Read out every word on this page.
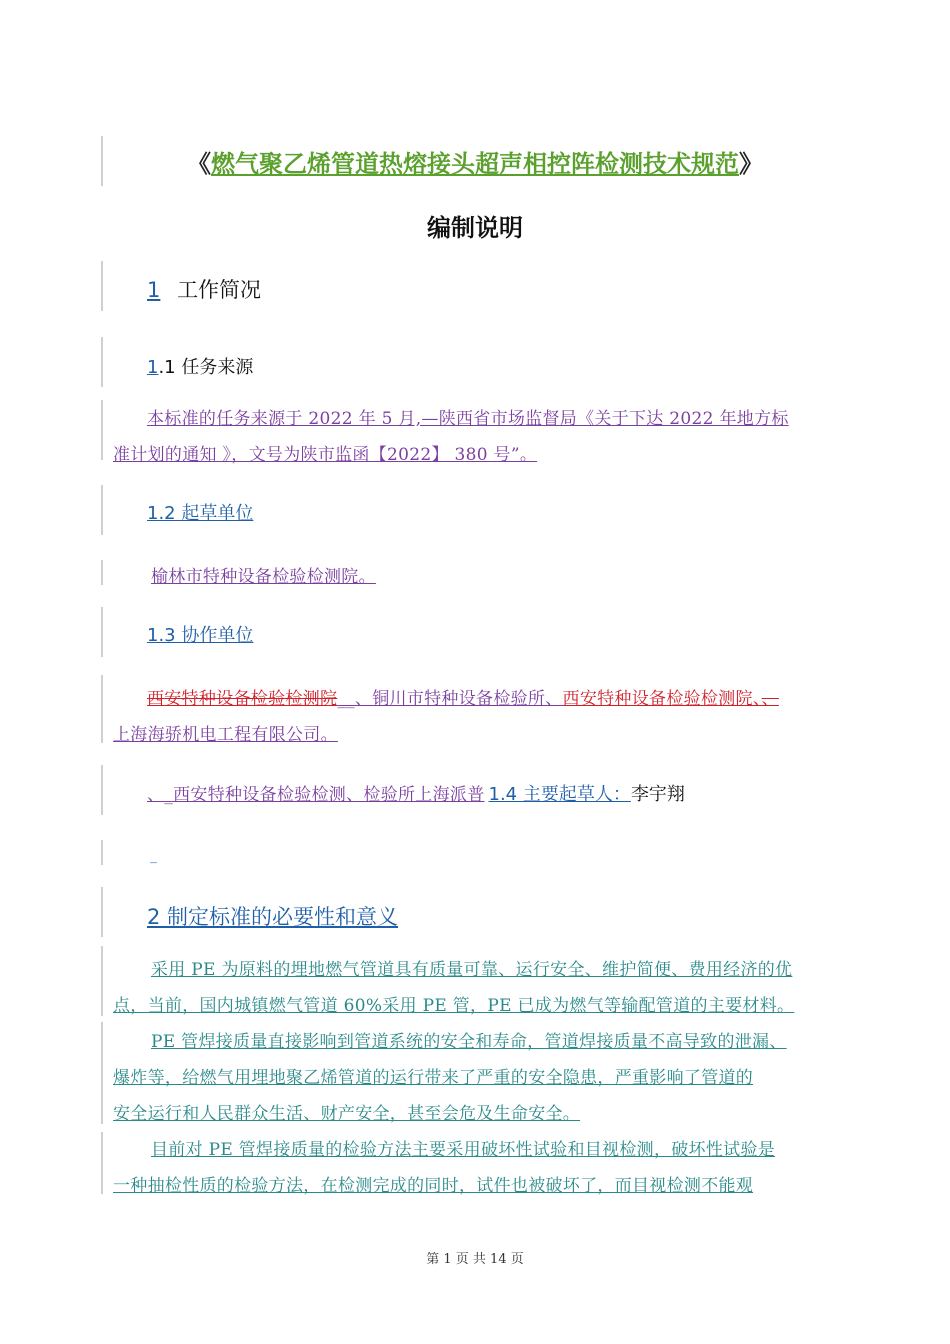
《燃气聚乙烯管道热熔接头超声相控阵检测技术规范》
编制说明
1 工作简况
1.1 任务来源
本标准的任务来源于 2022 年 5 月,—陕西省市场监督局《关于下达 2022 年地方标
准计划的通知 》，文号为陕市监函【2022】 380 号”。
1.2 起草单位
榆林市特种设备检验检测院。
1.3 协作单位
西安特种设备检验检测院__、铜川市特种设备检验所、西安特种设备检验检测院、、
上海海骄机电工程有限公司。
、_西安特种设备检验检测、检验所上海派普 1.4 主要起草人：李宇翔
_
2 制定标准的必要性和意义
采用 PE 为原料的埋地燃气管道具有质量可靠、运行安全、维护简便、费用经济的优
点，当前，国内城镇燃气管道 60%采用 PE 管，PE 已成为燃气等输配管道的主要材料。
PE 管焊接质量直接影响到管道系统的安全和寿命，管道焊接质量不高导致的泄漏、
爆炸等，给燃气用埋地聚乙烯管道的运行带来了严重的安全隐患，严重影响了管道的
安全运行和人民群众生活、财产安全，甚至会危及生命安全。
目前对 PE 管焊接质量的检验方法主要采用破坏性试验和目视检测，破坏性试验是
一种抽检性质的检验方法，在检测完成的同时，试件也被破坏了，而目视检测不能观
第 1 页 共 14 页
